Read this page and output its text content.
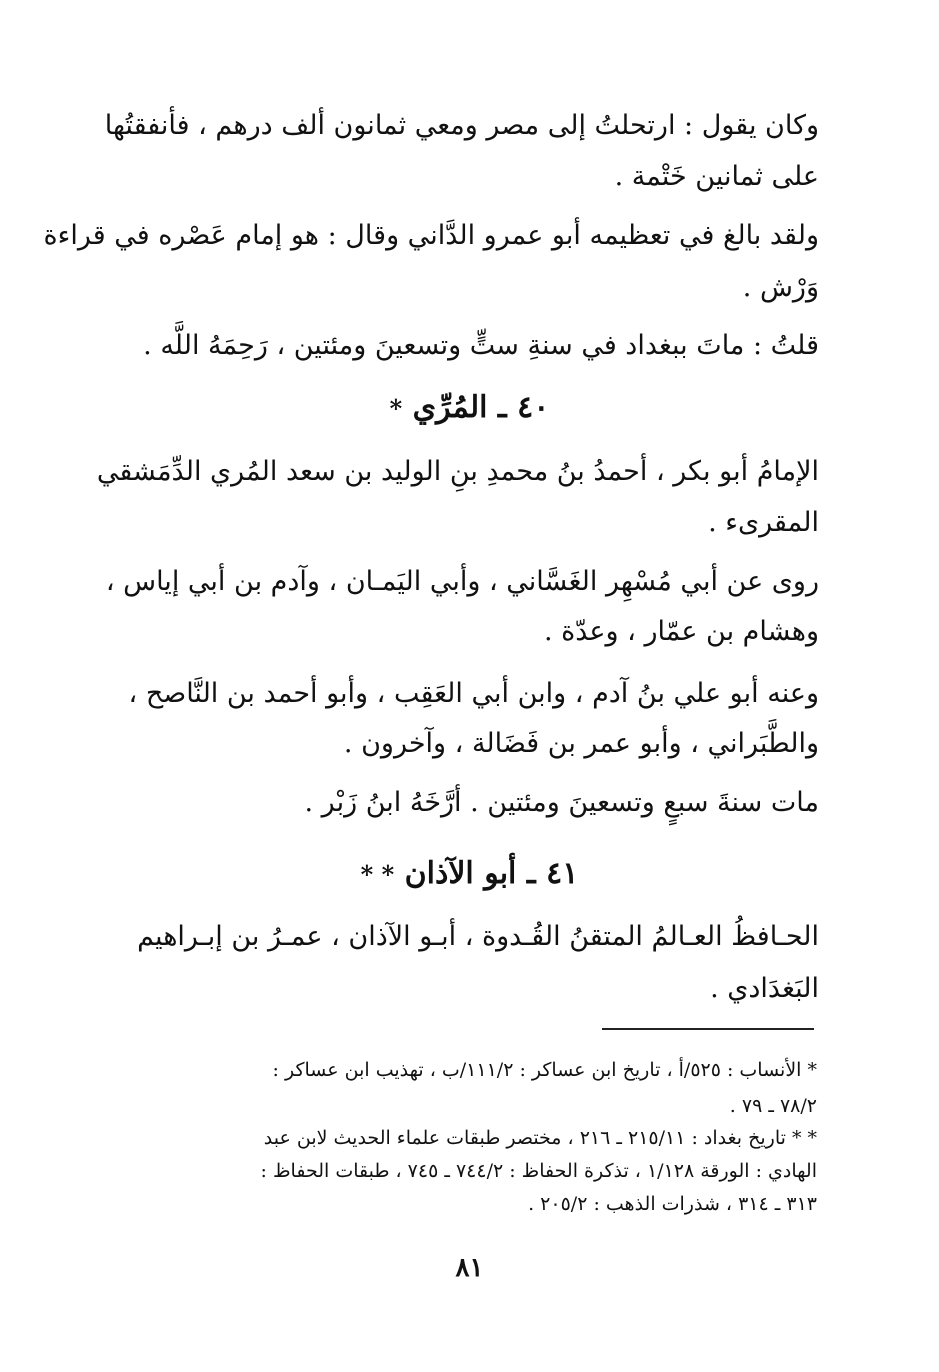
وكان يقول : ارتحلتُ إلى مصر ومعي ثمانون ألف درهم ، فأنفقتُها
على ثمانين خَتْمة .
ولقد بالغ في تعظيمه أبو عمرو الدَّاني وقال : هو إمام عَصْره في قراءة
وَرْش .
قلتُ : ماتَ ببغداد في سنةِ ستٍّ وتسعينَ ومئتين ، رَحِمَهُ اللَّه .
٤٠ ـ المُرِّي *
الإمامُ أبو بكر ، أحمدُ بنُ محمدِ بنِ الوليد بن سعد المُري الدِّمَشقي
المقرىء .
روى عن أبي مُسْهِر الغَسَّاني ، وأبي اليَمـان ، وآدم بن أبي إياس ،
وهشام بن عمّار ، وعدّة .
وعنه أبو علي بنُ آدم ، وابن أبي العَقِب ، وأبو أحمد بن النَّاصح ،
والطَّبَراني ، وأبو عمر بن فَضَالة ، وآخرون .
مات سنةَ سبعٍ وتسعينَ ومئتين . أرَّخَهُ ابنُ زَبْر .
٤١ ـ أبو الآذان * *
الحـافظُ العـالمُ المتقنُ القُـدوة ، أبـو الآذان ، عمـرُ بن إبـراهيم
البَغدَادي .
* الأنساب : ٥٢٥/أ ، تاريخ ابن عساكر : ١١١/٢/ب ، تهذيب ابن عساكر :
٧٨/٢ ـ ٧٩ .
* * تاريخ بغداد : ٢١٥/١١ ـ ٢١٦ ، مختصر طبقات علماء الحديث لابن عبد
الهادي : الورقة ١/١٢٨ ، تذكرة الحفاظ : ٧٤٤/٢ ـ ٧٤٥ ، طبقات الحفاظ :
٣١٣ ـ ٣١٤ ، شذرات الذهب : ٢٠٥/٢ .
٨١
